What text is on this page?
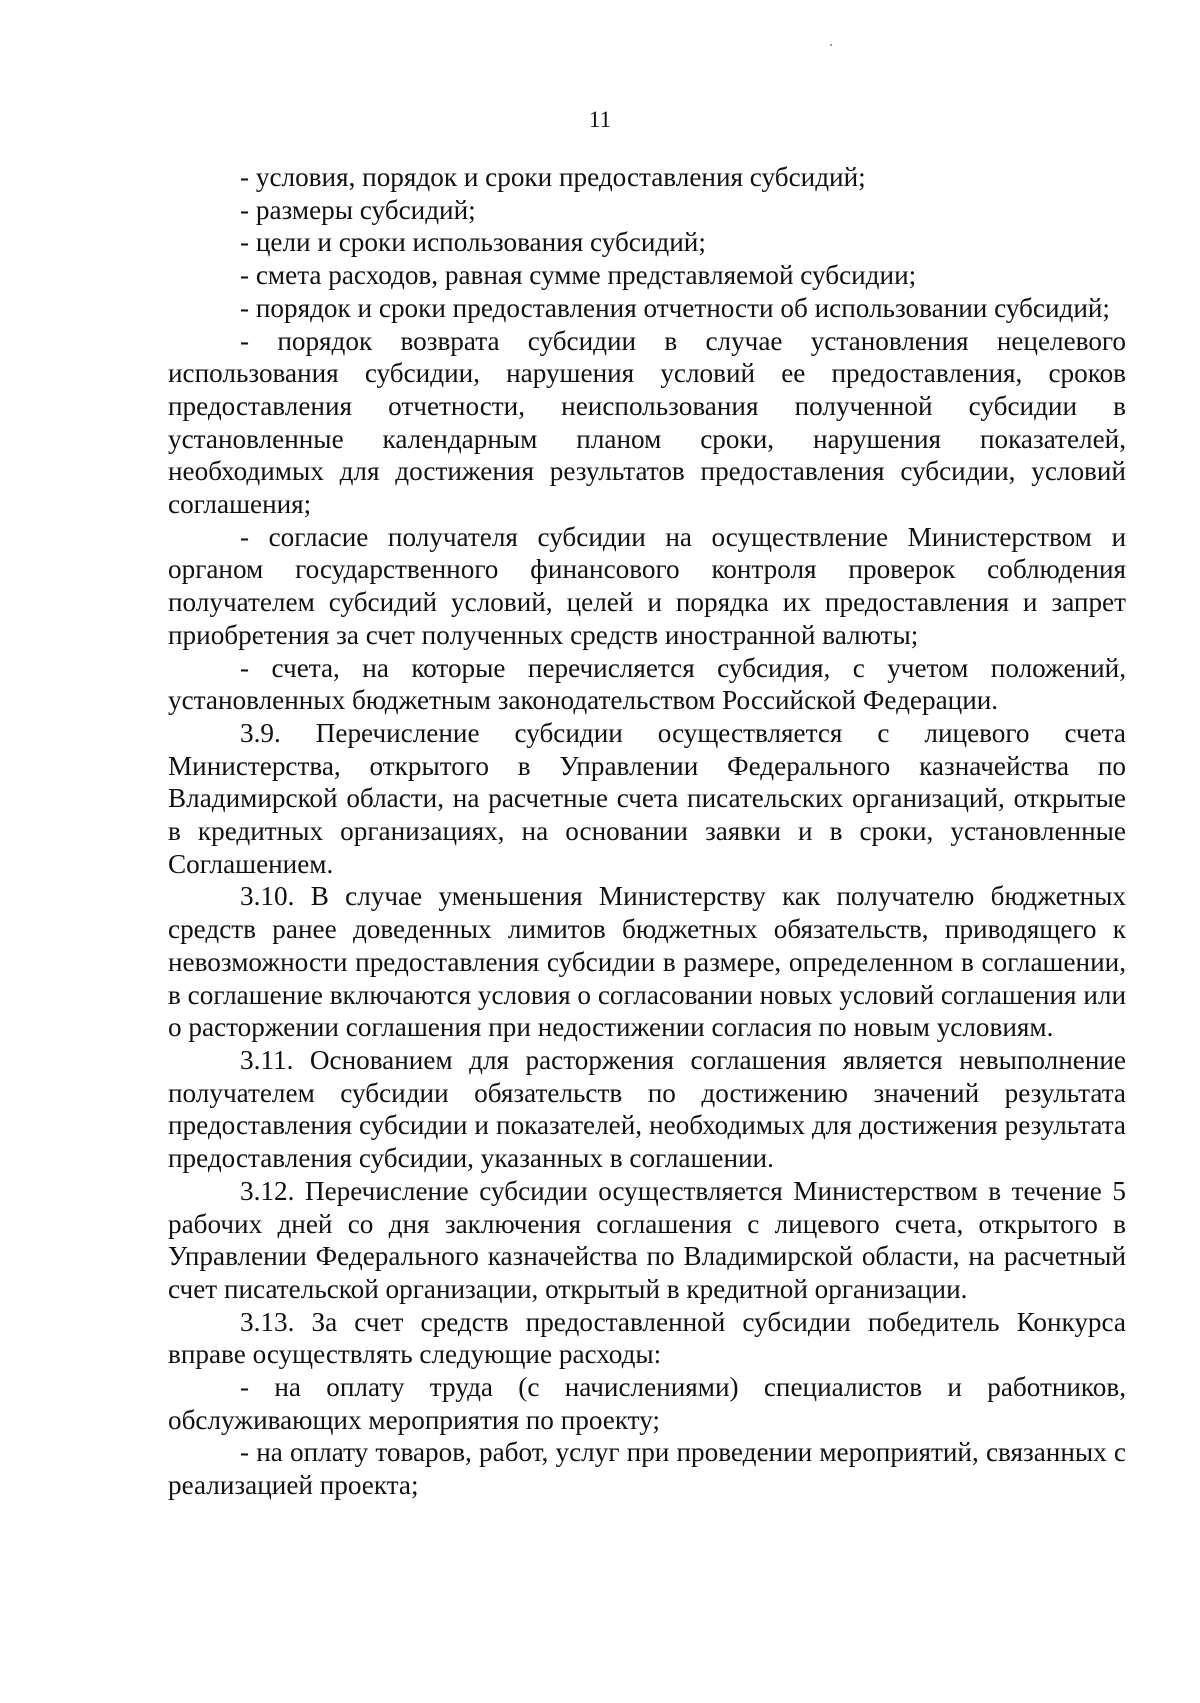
11

- условия, порядок и сроки предоставления субсидий;

- размеры субсидий;

- цели и сроки использования субсидий;

- смета расходов, равная сумме представляемой субсидии;

- порядок и сроки предоставления отчетности об использовании субсидий;

- порядок возврата субсидии в случае установления нецелевого использования субсидии, нарушения условий ее предоставления, сроков предоставления отчетности, неиспользования полученной субсидии в установленные календарным планом сроки, нарушения показателей, необходимых для достижения результатов предоставления субсидии, условий соглашения;

- согласие получателя субсидии на осуществление Министерством и органом государственного финансового контроля проверок соблюдения получателем субсидий условий, целей и порядка их предоставления и запрет приобретения за счет полученных средств иностранной валюты;

- счета, на которые перечисляется субсидия, с учетом положений, установленных бюджетным законодательством Российской Федерации.

3.9. Перечисление субсидии осуществляется с лицевого счета Министерства, открытого в Управлении Федерального казначейства по Владимирской области, на расчетные счета писательских организаций, открытые в кредитных организациях, на основании заявки и в сроки, установленные Соглашением.

3.10. В случае уменьшения Министерству как получателю бюджетных средств ранее доведенных лимитов бюджетных обязательств, приводящего к невозможности предоставления субсидии в размере, определенном в соглашении, в соглашение включаются условия о согласовании новых условий соглашения или о расторжении соглашения при недостижении согласия по новым условиям.

3.11. Основанием для расторжения соглашения является невыполнение получателем субсидии обязательств по достижению значений результата предоставления субсидии и показателей, необходимых для достижения результата предоставления субсидии, указанных в соглашении.

3.12. Перечисление субсидии осуществляется Министерством в течение 5 рабочих дней со дня заключения соглашения с лицевого счета, открытого в Управлении Федерального казначейства по Владимирской области, на расчетный счет писательской организации, открытый в кредитной организации.

3.13. За счет средств предоставленной субсидии победитель Конкурса вправе осуществлять следующие расходы:

- на оплату труда (с начислениями) специалистов и работников, обслуживающих мероприятия по проекту;

- на оплату товаров, работ, услуг при проведении мероприятий, связанных с реализацией проекта;
